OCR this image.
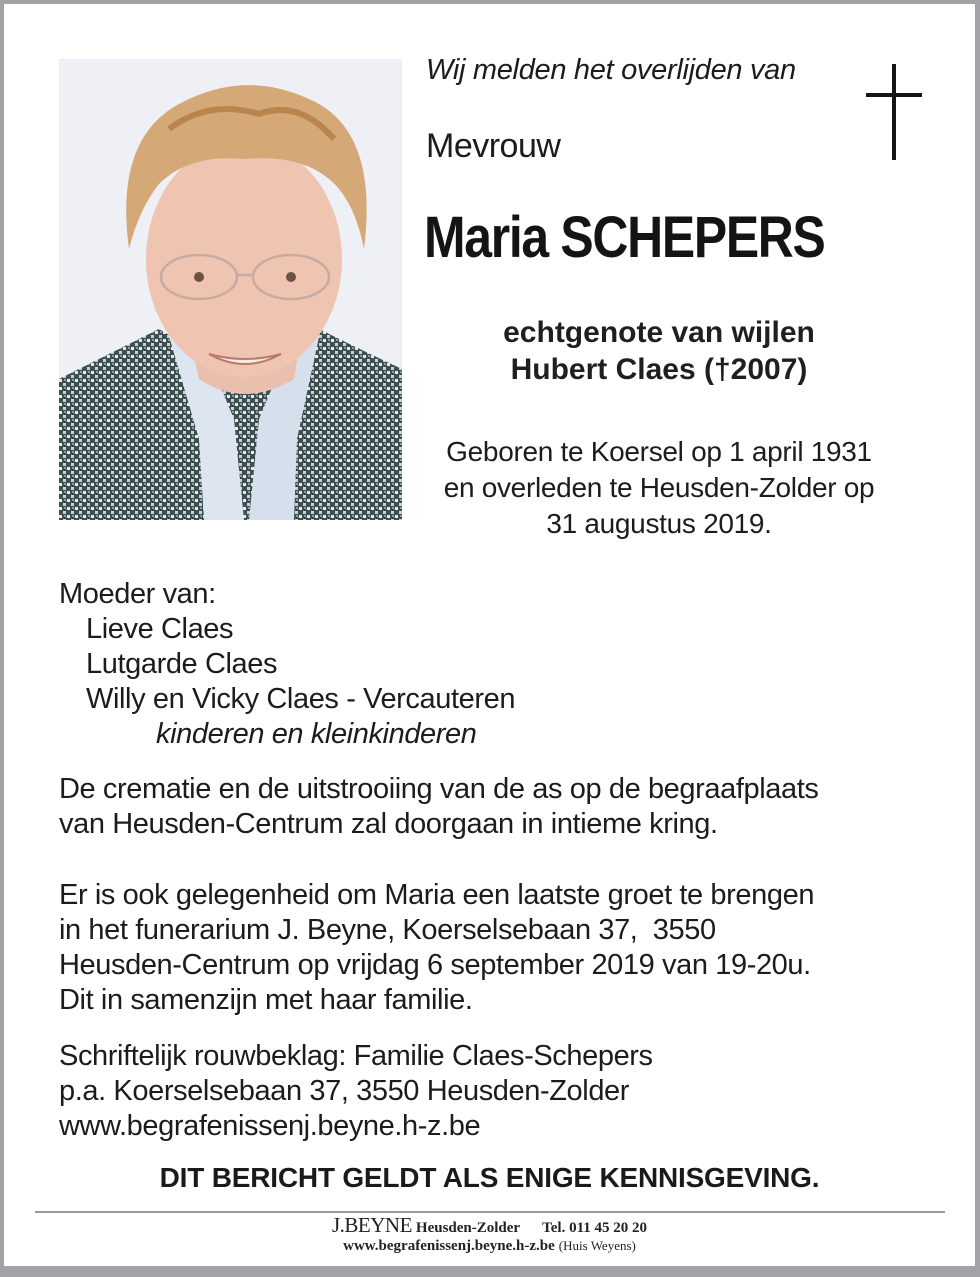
Wij melden het overlijden van
Mevrouw
Maria SCHEPERS
echtgenote van wijlen
Hubert Claes (†2007)
Geboren te Koersel op 1 april 1931
en overleden te Heusden-Zolder op
31 augustus 2019.
Moeder van:
Lieve Claes
Lutgarde Claes
Willy en Vicky Claes - Vercauteren
kinderen en kleinkinderen
De crematie en de uitstrooiing van de as op de begraafplaats
van Heusden-Centrum zal doorgaan in intieme kring.
Er is ook gelegenheid om Maria een laatste groet te brengen
in het funerarium J. Beyne, Koerselsebaan 37,  3550
Heusden-Centrum op vrijdag 6 september 2019 van 19-20u.
Dit in samenzijn met haar familie.
Schriftelijk rouwbeklag: Familie Claes-Schepers
p.a. Koerselsebaan 37, 3550 Heusden-Zolder
www.begrafenissenj.beyne.h-z.be
DIT BERICHT GELDT ALS ENIGE KENNISGEVING.
J.BEYNE Heusden-Zolder Tel. 011 45 20 20
www.begrafenissenj.beyne.h-z.be (Huis Weyens)
